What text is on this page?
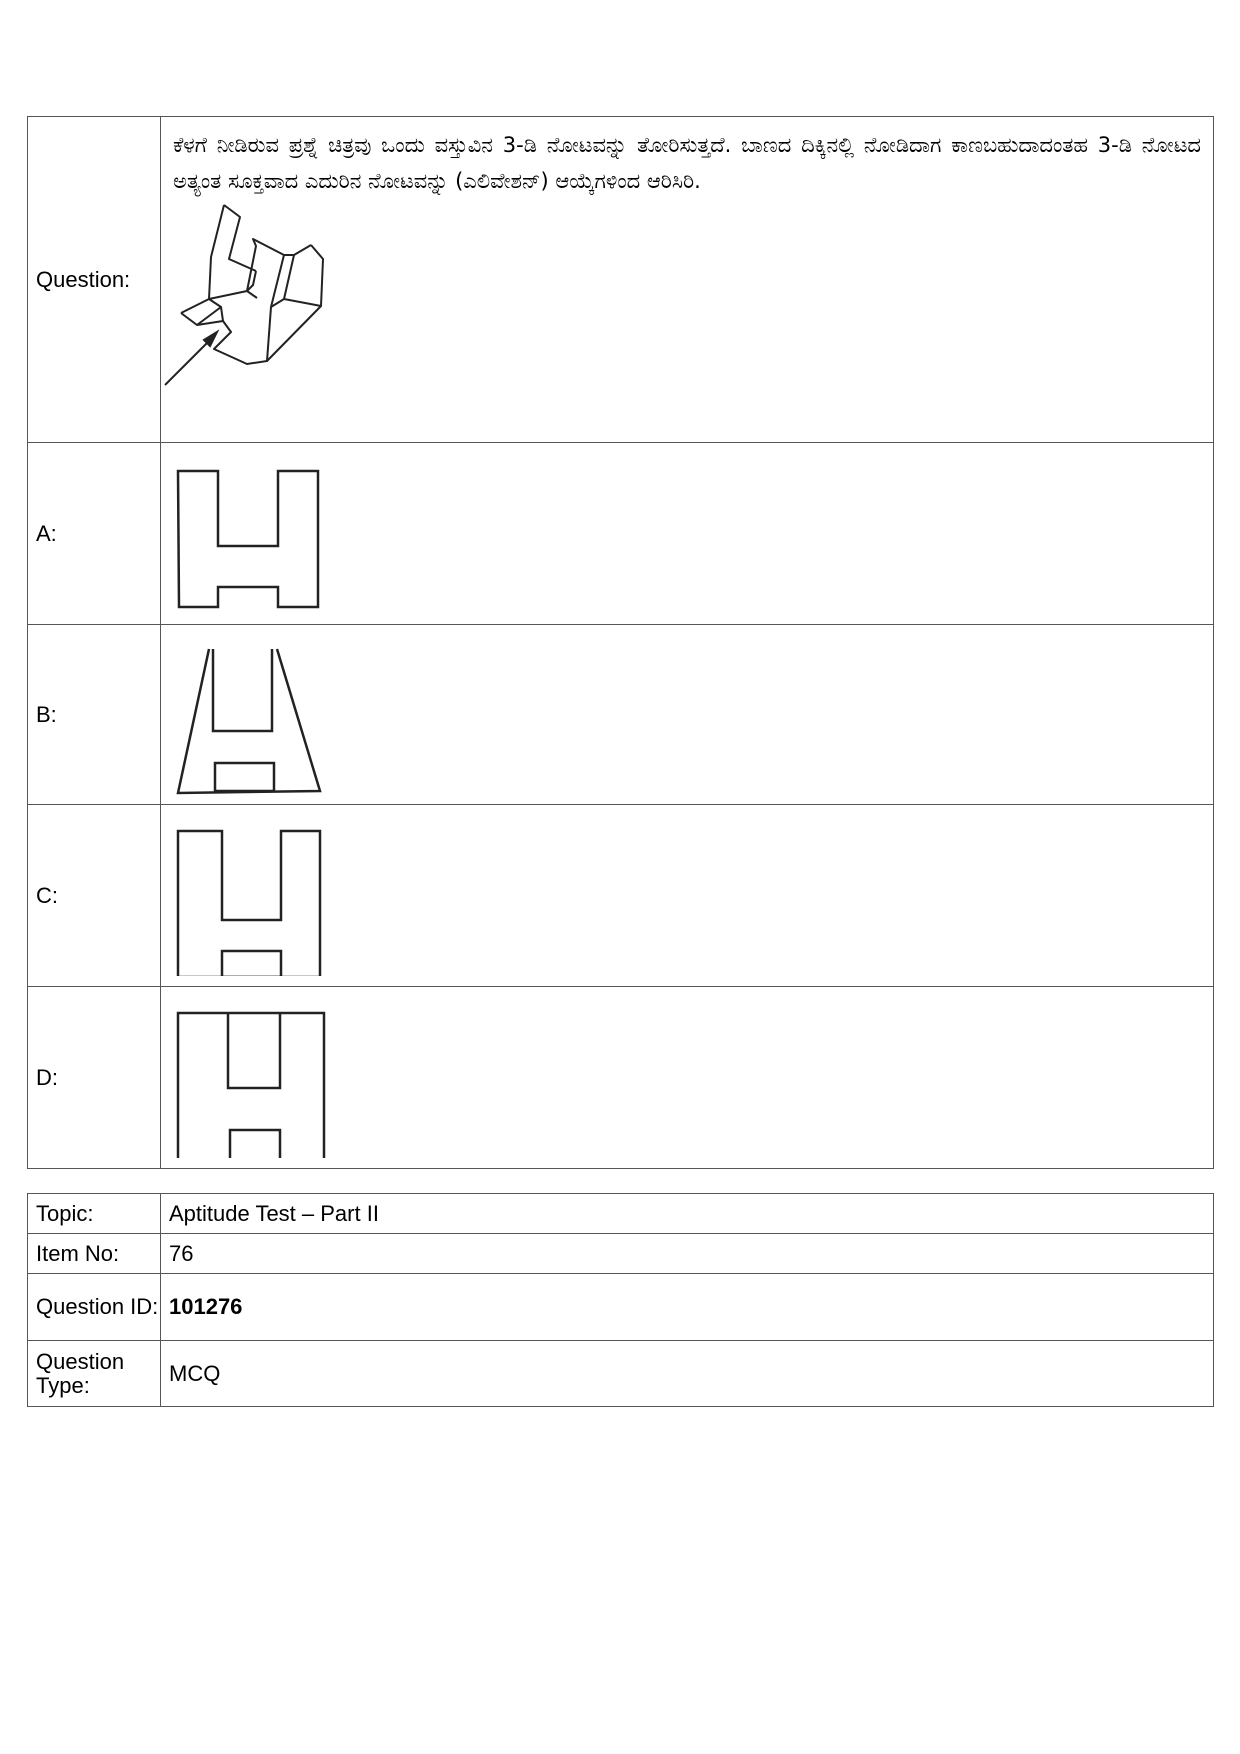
Question:	ಕೆಳಗೆ ನೀಡಿರುವ ಪ್ರಶ್ನೆ ಚಿತ್ರವು ಒಂದು ವಸ್ತುವಿನ 3-ಡಿ ನೋಟವನ್ನು ತೋರಿಸುತ್ತದೆ. ಬಾಣದ ದಿಕ್ಕಿನಲ್ಲಿ ನೋಡಿದಾಗ ಕಾಣಬಹುದಾದಂತಹ 3-ಡಿ ನೋಟದ ಅತ್ಯಂತ ಸೂಕ್ತವಾದ ಎದುರಿನ ನೋಟವನ್ನು (ಎಲಿವೇಶನ್) ಆಯ್ಕೆಗಳಿಂದ ಆರಿಸಿರಿ.

A:	

B:	

C:	

D:	
Topic:	Aptitude Test – Part II
Item No:	76
Question ID:	101276
Question Type:	MCQ
